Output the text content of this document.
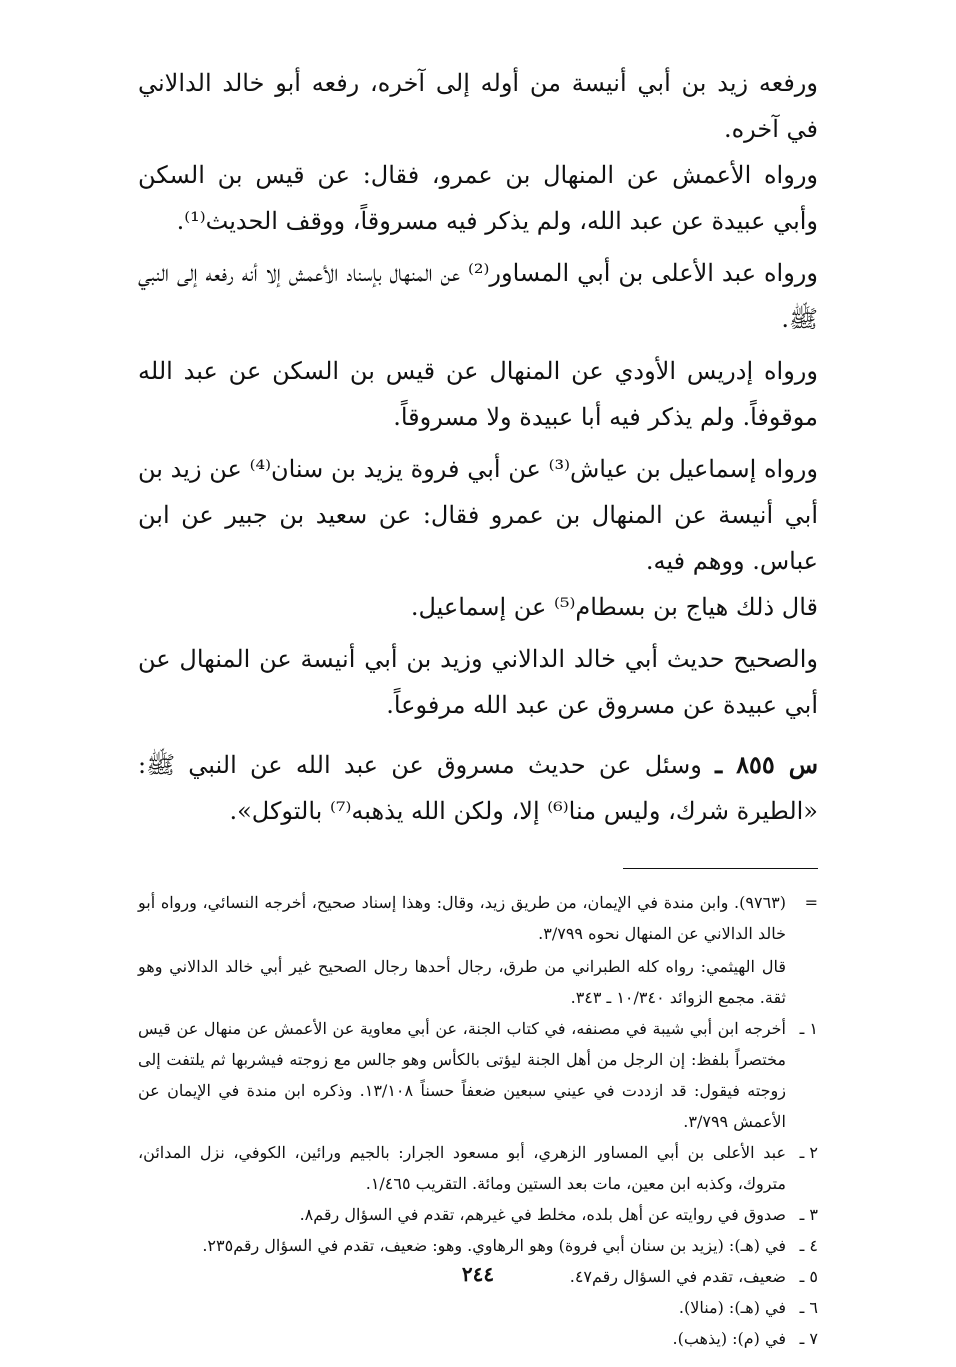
ورفعه زيد بن أبي أنيسة من أوله إلى آخره، رفعه أبو خالد الدالاني في آخره.

ورواه الأعمش عن المنهال بن عمرو، فقال: عن قيس بن السكن وأبي عبيدة عن عبد الله، ولم يذكر فيه مسروقاً، ووقف الحديث⁽¹⁾.

ورواه عبد الأعلى بن أبي المساور⁽²⁾ عن المنهال بإسناد الأعمش إلا أنه رفعه إلى النبي ﷺ.

ورواه إدريس الأودي عن المنهال عن قيس بن السكن عن عبد الله موقوفاً. ولم يذكر فيه أبا عبيدة ولا مسروقاً.

ورواه إسماعيل بن عياش⁽³⁾ عن أبي فروة يزيد بن سنان⁽⁴⁾ عن زيد بن أبي أنيسة عن المنهال بن عمرو فقال: عن سعيد بن جبير عن ابن عباس. ووهم فيه.

قال ذلك هياج بن بسطام⁽⁵⁾ عن إسماعيل.

والصحيح حديث أبي خالد الدالاني وزيد بن أبي أنيسة عن المنهال عن أبي عبيدة عن مسروق عن عبد الله مرفوعاً.

س ٨٥٥ ـ وسئل عن حديث مسروق عن عبد الله عن النبي ﷺ: «الطيرة شرك، وليس منا⁽⁶⁾ إلا، ولكن الله يذهبه⁽⁷⁾ بالتوكل».

=
(٩٧٦٣). وابن مندة في الإيمان، من طريق زيد، وقال: وهذا إسناد صحيح، أخرجه النسائي، ورواه أبو خالد الدالاني عن المنهال نحوه ٣/٧٩٩.
قال الهيثمي: رواه كله الطبراني من طرق، رجال أحدها رجال الصحيح غير أبي خالد الدالاني وهو ثقة. مجمع الزوائد ١٠/٣٤٠ ـ ٣٤٣.
١ ـ
أخرجه ابن أبي شيبة في مصنفه، في كتاب الجنة، عن أبي معاوية عن الأعمش عن منهال عن قيس مختصراً بلفظ: إن الرجل من أهل الجنة ليؤتى بالكأس وهو جالس مع زوجته فيشربها ثم يلتفت إلى زوجته فيقول: قد ازددت في عيني سبعين ضعفاً حسناً ١٣/١٠٨. وذكره ابن مندة في الإيمان عن الأعمش ٣/٧٩٩.
٢ ـ
عبد الأعلى بن أبي المساور الزهري، أبو مسعود الجرار: بالجيم ورائين، الكوفي، نزل المدائن، متروك، وكذبه ابن معين، مات بعد الستين ومائة. التقريب ١/٤٦٥.
٣ ـ
صدوق في روايته عن أهل بلده، مخلط في غيرهم، تقدم في السؤال رقم٨.
٤ ـ
في (هـ): (يزيد بن سنان أبي فروة) وهو الرهاوي. وهو: ضعيف، تقدم في السؤال رقم٢٣٥.
٥ ـ
ضعيف، تقدم في السؤال رقم٤٧.
٦ ـ
في (هـ): (منالا).
٧ ـ
في (م): (يذهب).
٢٤٤
